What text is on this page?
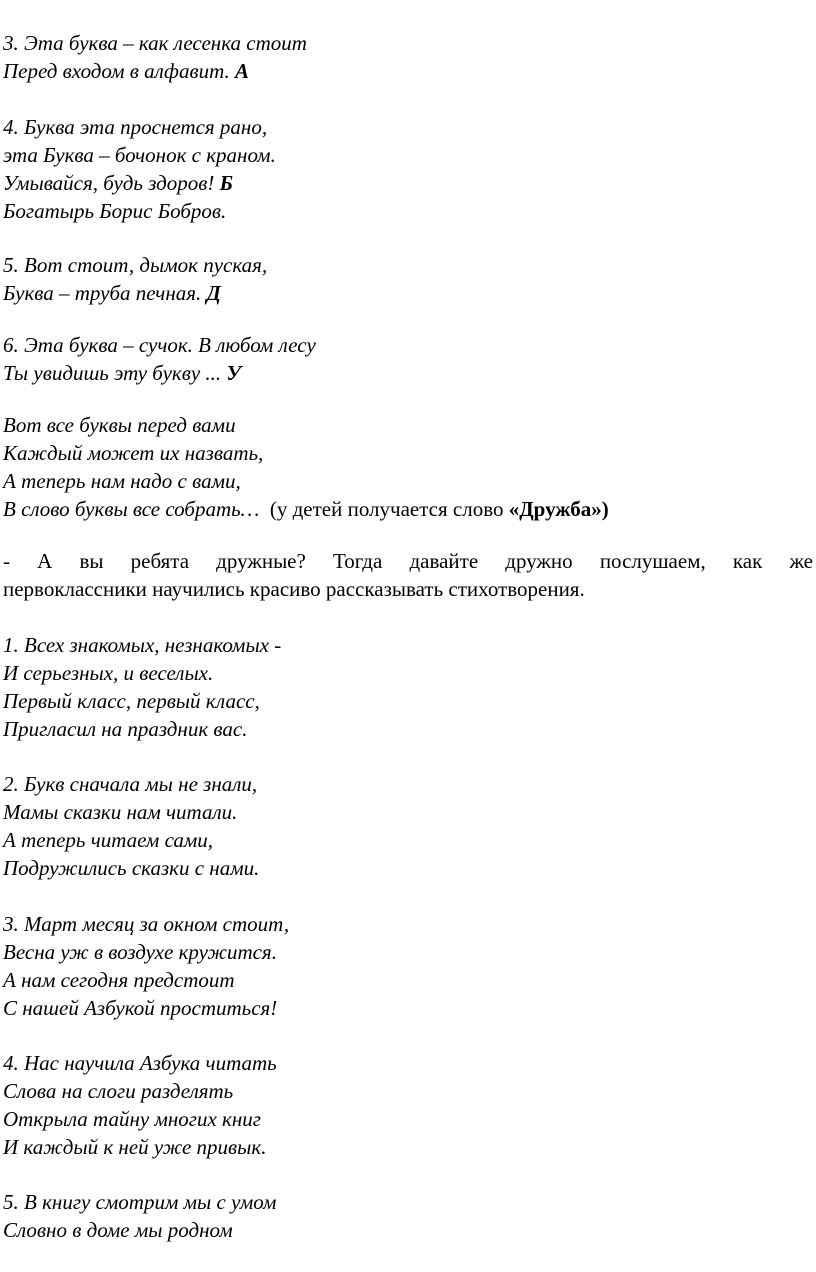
3. Эта буква – как лесенка стоит
Перед входом в алфавит. А
4. Буква эта проснется рано,
эта Буква – бочонок с краном.
Умывайся, будь здоров! Б
Богатырь Борис Бобров.
5. Вот стоит, дымок пуская,
Буква – труба печная. Д
6. Эта буква – сучок. В любом лесу
Ты увидишь эту букву ... У
Вот все буквы перед вами
Каждый может их назвать,
А теперь нам надо с вами,
В слово буквы все собрать… (у детей получается слово «Дружба»)
- А вы ребята дружные? Тогда давайте дружно послушаем, как же
первоклассники научились красиво рассказывать стихотворения.
1. Всех знакомых, незнакомых -
И серьезных, и веселых.
Первый класс, первый класс,
Пригласил на праздник вас.
2. Букв сначала мы не знали,
Мамы сказки нам читали.
А теперь читаем сами,
Подружились сказки с нами.
3. Март месяц за окном стоит,
Весна уж в воздухе кружится.
А нам сегодня предстоит
С нашей Азбукой проститься!
4. Нас научила Азбука читать
Слова на слоги разделять
Открыла тайну многих книг
И каждый к ней уже привык.
5. В книгу смотрим мы с умом
Словно в доме мы родном
